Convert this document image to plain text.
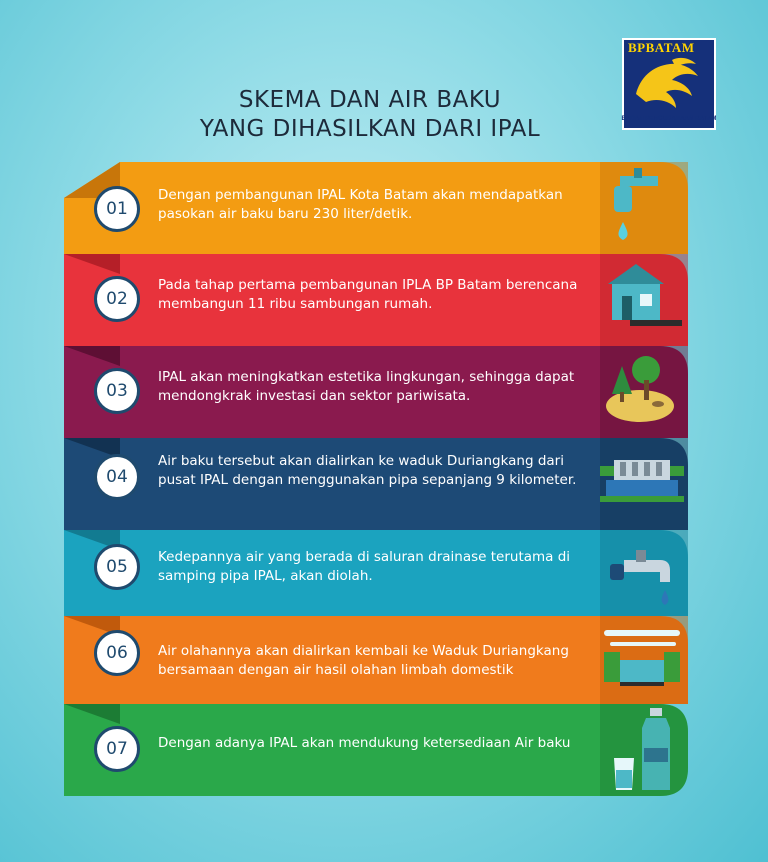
SKEMA DAN AIR BAKU
YANG DIHASILKAN DARI IPAL
BPBATAM
BADAN PENGUSAHAAN BATAM
01
Dengan pembangunan IPAL Kota Batam akan mendapatkan pasokan air baku baru 230 liter/detik.
02
Pada tahap pertama pembangunan IPLA BP Batam berencana membangun 11 ribu sambungan rumah.
03
IPAL akan meningkatkan estetika lingkungan, sehingga dapat mendongkrak investasi dan sektor pariwisata.
04
Air baku tersebut akan dialirkan ke waduk Duriangkang dari pusat IPAL dengan menggunakan pipa sepanjang 9 kilometer.
05	Kedepannya air yang berada di saluran drainase terutama di samping pipa IPAL, akan diolah.
06	Air olahannya akan dialirkan kembali ke Waduk Duriangkang bersamaan dengan air hasil olahan limbah domestik
07	Dengan adanya IPAL akan mendukung ketersediaan Air baku
